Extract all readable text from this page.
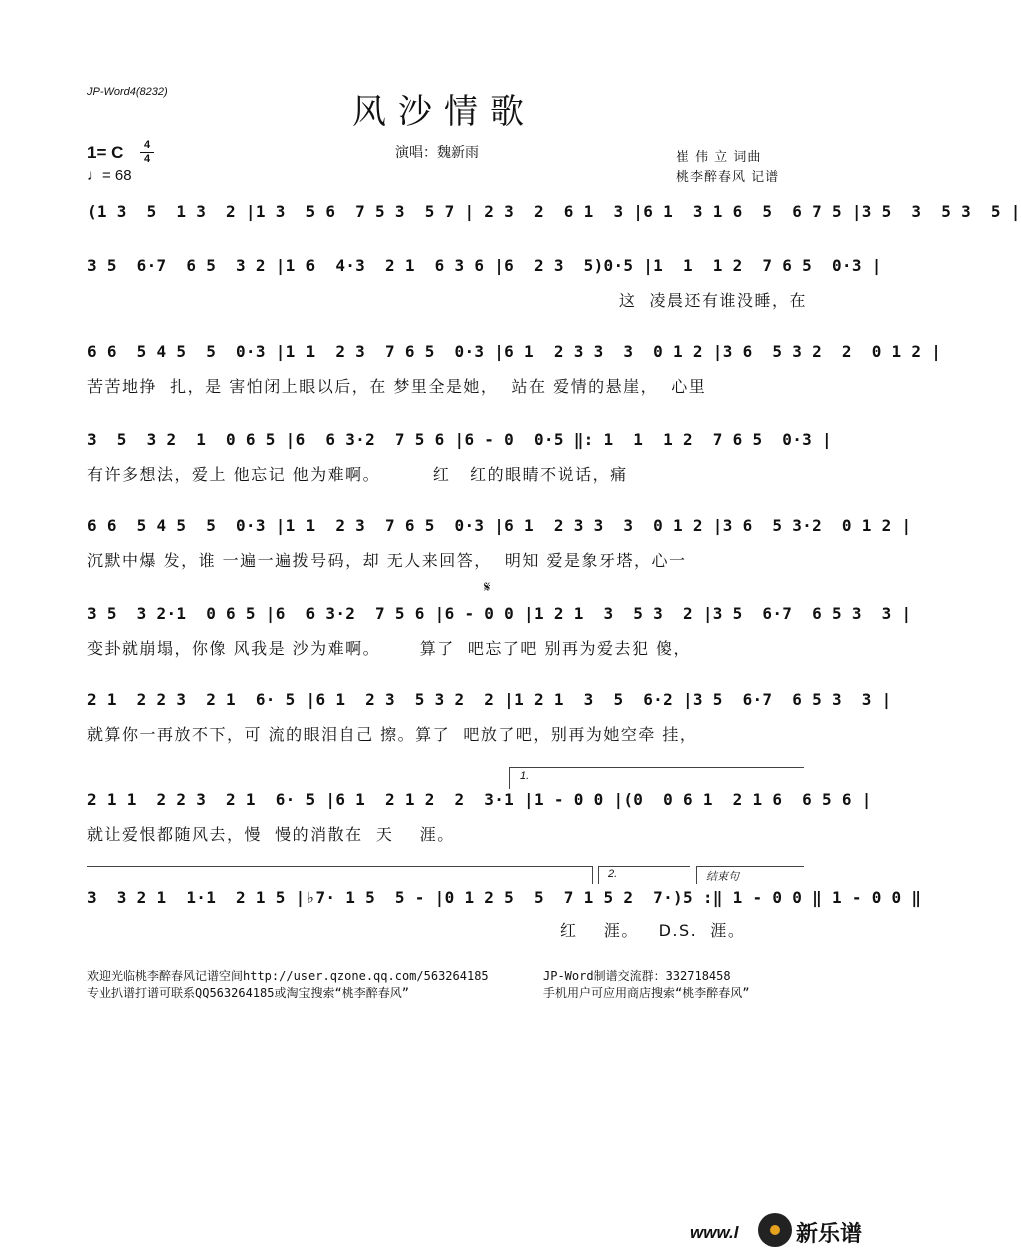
JP-Word4(8232)	风沙情歌
1= C	4
4
♩= 68
演唱：魏新雨	崔 伟 立 词曲
桃李醉春风 记谱
(1 3  5  1 3  2 |1 3  5 6  7 5 3  5 7 | 2 3  2  6 1  3 |6 1  3 1 6  5  6 7 5 |3 5  3  5 3  5 |
3 5  6·7  6 5  3 2 |1 6  4·3  2 1  6 3 6 |6  2 3  5)0·5 |1  1  1 2  7 6 5  0·3 |
这  凌晨还有谁没睡，在
6 6  5 4 5  5  0·3 |1 1  2 3  7 6 5  0·3 |6 1  2 3 3  3  0 1 2 |3 6  5 3 2  2  0 1 2 |
苦苦地挣  扎，是 害怕闭上眼以后，在 梦里全是她，  站在 爱情的悬崖，  心里
3  5  3 2  1  0 6 5 |6  6 3·2  7 5 6 |6 - 0  0·5 ‖: 1  1  1 2  7 6 5  0·3 |
有许多想法，爱上 他忘记 他为难啊。        红   红的眼睛不说话，痛
6 6  5 4 5  5  0·3 |1 1  2 3  7 6 5  0·3 |6 1  2 3 3  3  0 1 2 |3 6  5 3·2  0 1 2 |
沉默中爆 发，谁 一遍一遍拨号码，却 无人来回答，  明知 爱是象牙塔，心一
𝄋
3 5  3 2·1  0 6 5 |6  6 3·2  7 5 6 |6 - 0 0 |1 2 1  3  5 3  2 |3 5  6·7  6 5 3  3 |
变卦就崩塌，你像 风我是 沙为难啊。      算了  吧忘了吧 别再为爱去犯 傻，
2 1  2 2 3  2 1  6· 5 |6 1  2 3  5 3 2  2 |1 2 1  3  5  6·2 |3 5  6·7  6 5 3  3 |
就算你一再放不下，可 流的眼泪自己 擦。算了  吧放了吧，别再为她空牵 挂，
1.
2 1 1  2 2 3  2 1  6· 5 |6 1  2 1 2  2  3·1 |1 - 0 0 |(0  0 6 1  2 1 6  6 5 6 |
就让爱恨都随风去，慢  慢的消散在  天    涯。
2.	结束句
3  3 2 1  1·1  2 1 5 |♭7· 1 5  5 - |0 1 2 5  5  7 1 5 2  7·)5 :‖ 1 - 0 0 ‖ 1 - 0 0 ‖
红    涯。   D.S.  涯。
欢迎光临桃李醉春风记谱空间http://user.qzone.qq.com/563264185
专业扒谱打谱可联系QQ563264185或淘宝搜索“桃李醉春风”
JP-Word制谱交流群：332718458
手机用户可应用商店搜索“桃李醉春风”
www.l	新乐谱
